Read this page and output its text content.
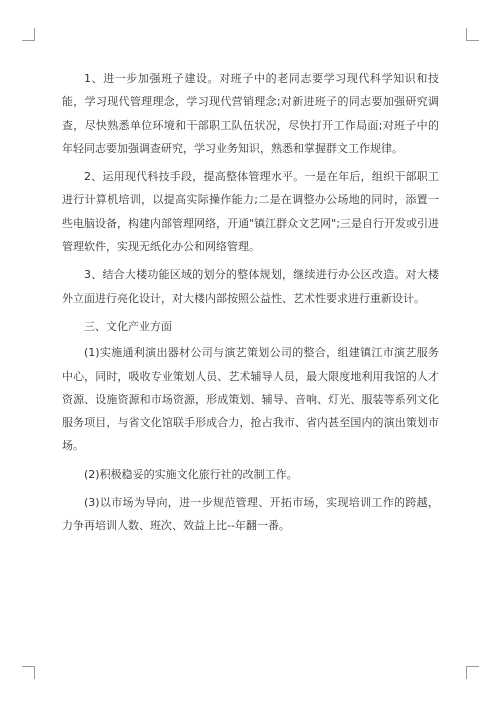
1、进一步加强班子建设。对班子中的老同志要学习现代科学知识和技能，学习现代管理理念，学习现代营销理念;对新进班子的同志要加强研究调查，尽快熟悉单位环境和干部职工队伍状况，尽快打开工作局面;对班子中的年轻同志要加强调查研究，学习业务知识，熟悉和掌握群文工作规律。

2、运用现代科技手段，提高整体管理水平。一是在年后，组织干部职工进行计算机培训，以提高实际操作能力;二是在调整办公场地的同时，添置一些电脑设备，构建内部管理网络，开通"镇江群众文艺网";三是自行开发或引进管理软件，实现无纸化办公和网络管理。

3、结合大楼功能区域的划分的整体规划，继续进行办公区改造。对大楼外立面进行亮化设计，对大楼内部按照公益性、艺术性要求进行重新设计。

三、文化产业方面

(1)实施通利演出器材公司与演艺策划公司的整合，组建镇江市演艺服务中心，同时，吸收专业策划人员、艺术辅导人员，最大限度地利用我馆的人才资源、设施资源和市场资源，形成策划、辅导、音响、灯光、服装等系列文化服务项目，与省文化馆联手形成合力，抢占我市、省内甚至国内的演出策划市场。

(2)积极稳妥的实施文化旅行社的改制工作。

(3)以市场为导向，进一步规范管理、开拓市场，实现培训工作的跨越，力争再培训人数、班次、效益上比--年翻一番。
